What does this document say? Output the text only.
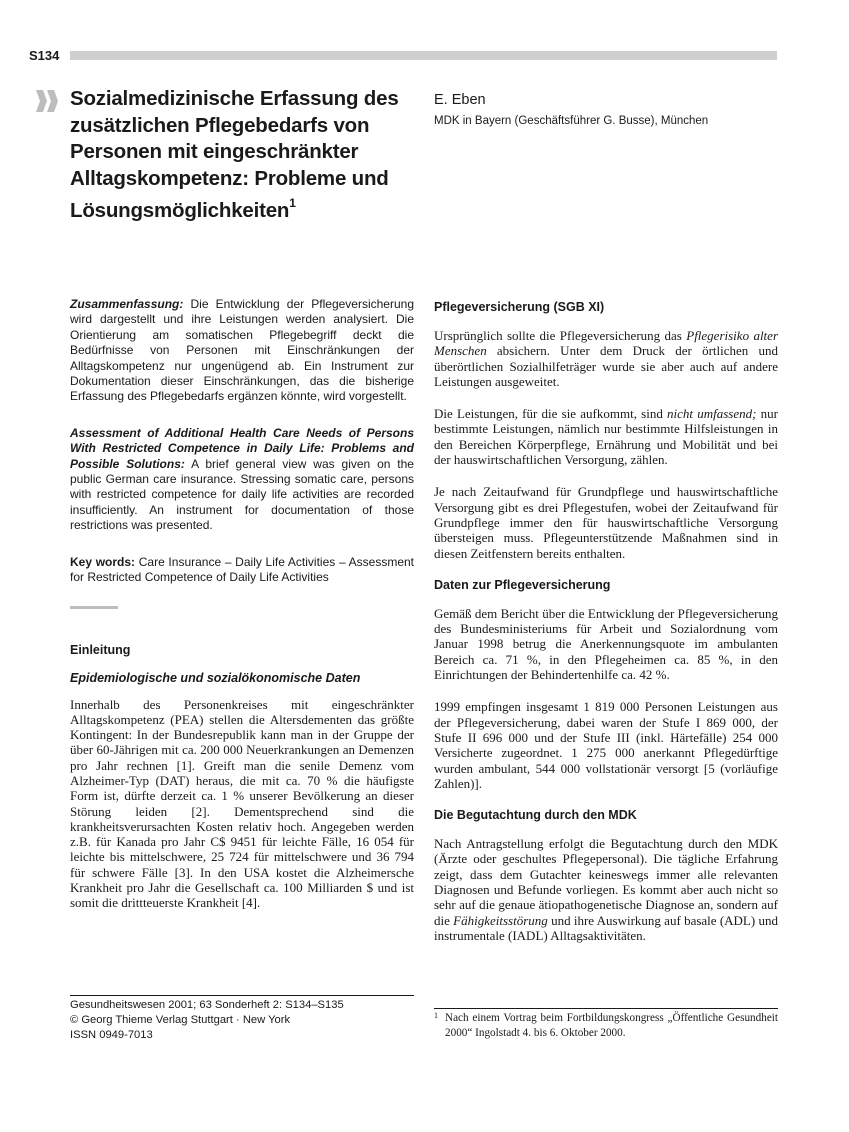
S134
Sozialmedizinische Erfassung des zusätzlichen Pflegebedarfs von Personen mit eingeschränkter Alltagskompetenz: Probleme und Lösungsmöglichkeiten$^1$
E. Eben
MDK in Bayern (Geschäftsführer G. Busse), München

Zusammenfassung: Die Entwicklung der Pflegeversicherung wird dargestellt und ihre Leistungen werden analysiert. Die Orientierung am somatischen Pflegebegriff deckt die Bedürfnisse von Personen mit Einschränkungen der Alltagskompetenz nur ungenügend ab. Ein Instrument zur Dokumentation dieser Einschränkungen, das die bisherige Erfassung des Pflegebedarfs ergänzen könnte, wird vorgestellt.

Assessment of Additional Health Care Needs of Persons With Restricted Competence in Daily Life: Problems and Possible Solutions: A brief general view was given on the public German care insurance. Stressing somatic care, persons with restricted competence for daily life activities are recorded insufficiently. An instrument for documentation of those restrictions was presented.

Key words: Care Insurance – Daily Life Activities – Assessment for Restricted Competence of Daily Life Activities

Einleitung
Epidemiologische und sozialökonomische Daten

Innerhalb des Personenkreises mit eingeschränkter Alltagskompetenz (PEA) stellen die Altersdementen das größte Kontingent: In der Bundesrepublik kann man in der Gruppe der über 60-Jährigen mit ca. 200 000 Neuerkrankungen an Demenzen pro Jahr rechnen [1]. Greift man die senile Demenz vom Alzheimer-Typ (DAT) heraus, die mit ca. 70 % die häufigste Form ist, dürfte derzeit ca. 1 % unserer Bevölkerung an dieser Störung leiden [2]. Dementsprechend sind die krankheitsverursachten Kosten relativ hoch. Angegeben werden z.B. für Kanada pro Jahr C$ 9451 für leichte Fälle, 16 054 für leichte bis mittelschwere, 25 724 für mittelschwere und 36 794 für schwere Fälle [3]. In den USA kostet die Alzheimersche Krankheit pro Jahr die Gesellschaft ca. 100 Milliarden $ und ist somit die drittteuerste Krankheit [4].

Pflegeversicherung (SGB XI)

Ursprünglich sollte die Pflegeversicherung das Pflegerisiko alter Menschen absichern. Unter dem Druck der örtlichen und überörtlichen Sozialhilfeträger wurde sie aber auch auf andere Leistungen ausgeweitet.

Die Leistungen, für die sie aufkommt, sind nicht umfassend; nur bestimmte Leistungen, nämlich nur bestimmte Hilfsleistungen in den Bereichen Körperpflege, Ernährung und Mobilität und bei der hauswirtschaftlichen Versorgung, zählen.

Je nach Zeitaufwand für Grundpflege und hauswirtschaftliche Versorgung gibt es drei Pflegestufen, wobei der Zeitaufwand für Grundpflege immer den für hauswirtschaftliche Versorgung übersteigen muss. Pflegeunterstützende Maßnahmen sind in diesen Zeitfenstern bereits enthalten.

Daten zur Pflegeversicherung

Gemäß dem Bericht über die Entwicklung der Pflegeversicherung des Bundesministeriums für Arbeit und Sozialordnung vom Januar 1998 betrug die Anerkennungsquote im ambulanten Bereich ca. 71 %, in den Pflegeheimen ca. 85 %, in den Einrichtungen der Behindertenhilfe ca. 42 %.

1999 empfingen insgesamt 1 819 000 Personen Leistungen aus der Pflegeversicherung, dabei waren der Stufe I 869 000, der Stufe II 696 000 und der Stufe III (inkl. Härtefälle) 254 000 Versicherte zugeordnet. 1 275 000 anerkannt Pflegedürftige wurden ambulant, 544 000 vollstationär versorgt [5 (vorläufige Zahlen)].

Die Begutachtung durch den MDK

Nach Antragstellung erfolgt die Begutachtung durch den MDK (Ärzte oder geschultes Pflegepersonal). Die tägliche Erfahrung zeigt, dass dem Gutachter keineswegs immer alle relevanten Diagnosen und Befunde vorliegen. Es kommt aber auch nicht so sehr auf die genaue ätiopathogenetische Diagnose an, sondern auf die Fähigkeitsstörung und ihre Auswirkung auf basale (ADL) und instrumentale (IADL) Alltagsaktivitäten.

Gesundheitswesen 2001; 63 Sonderheft 2: S134–S135
© Georg Thieme Verlag Stuttgart · New York
ISSN 0949-7013
1 Nach einem Vortrag beim Fortbildungskongress „Öffentliche Gesundheit 2000“ Ingolstadt 4. bis 6. Oktober 2000.
